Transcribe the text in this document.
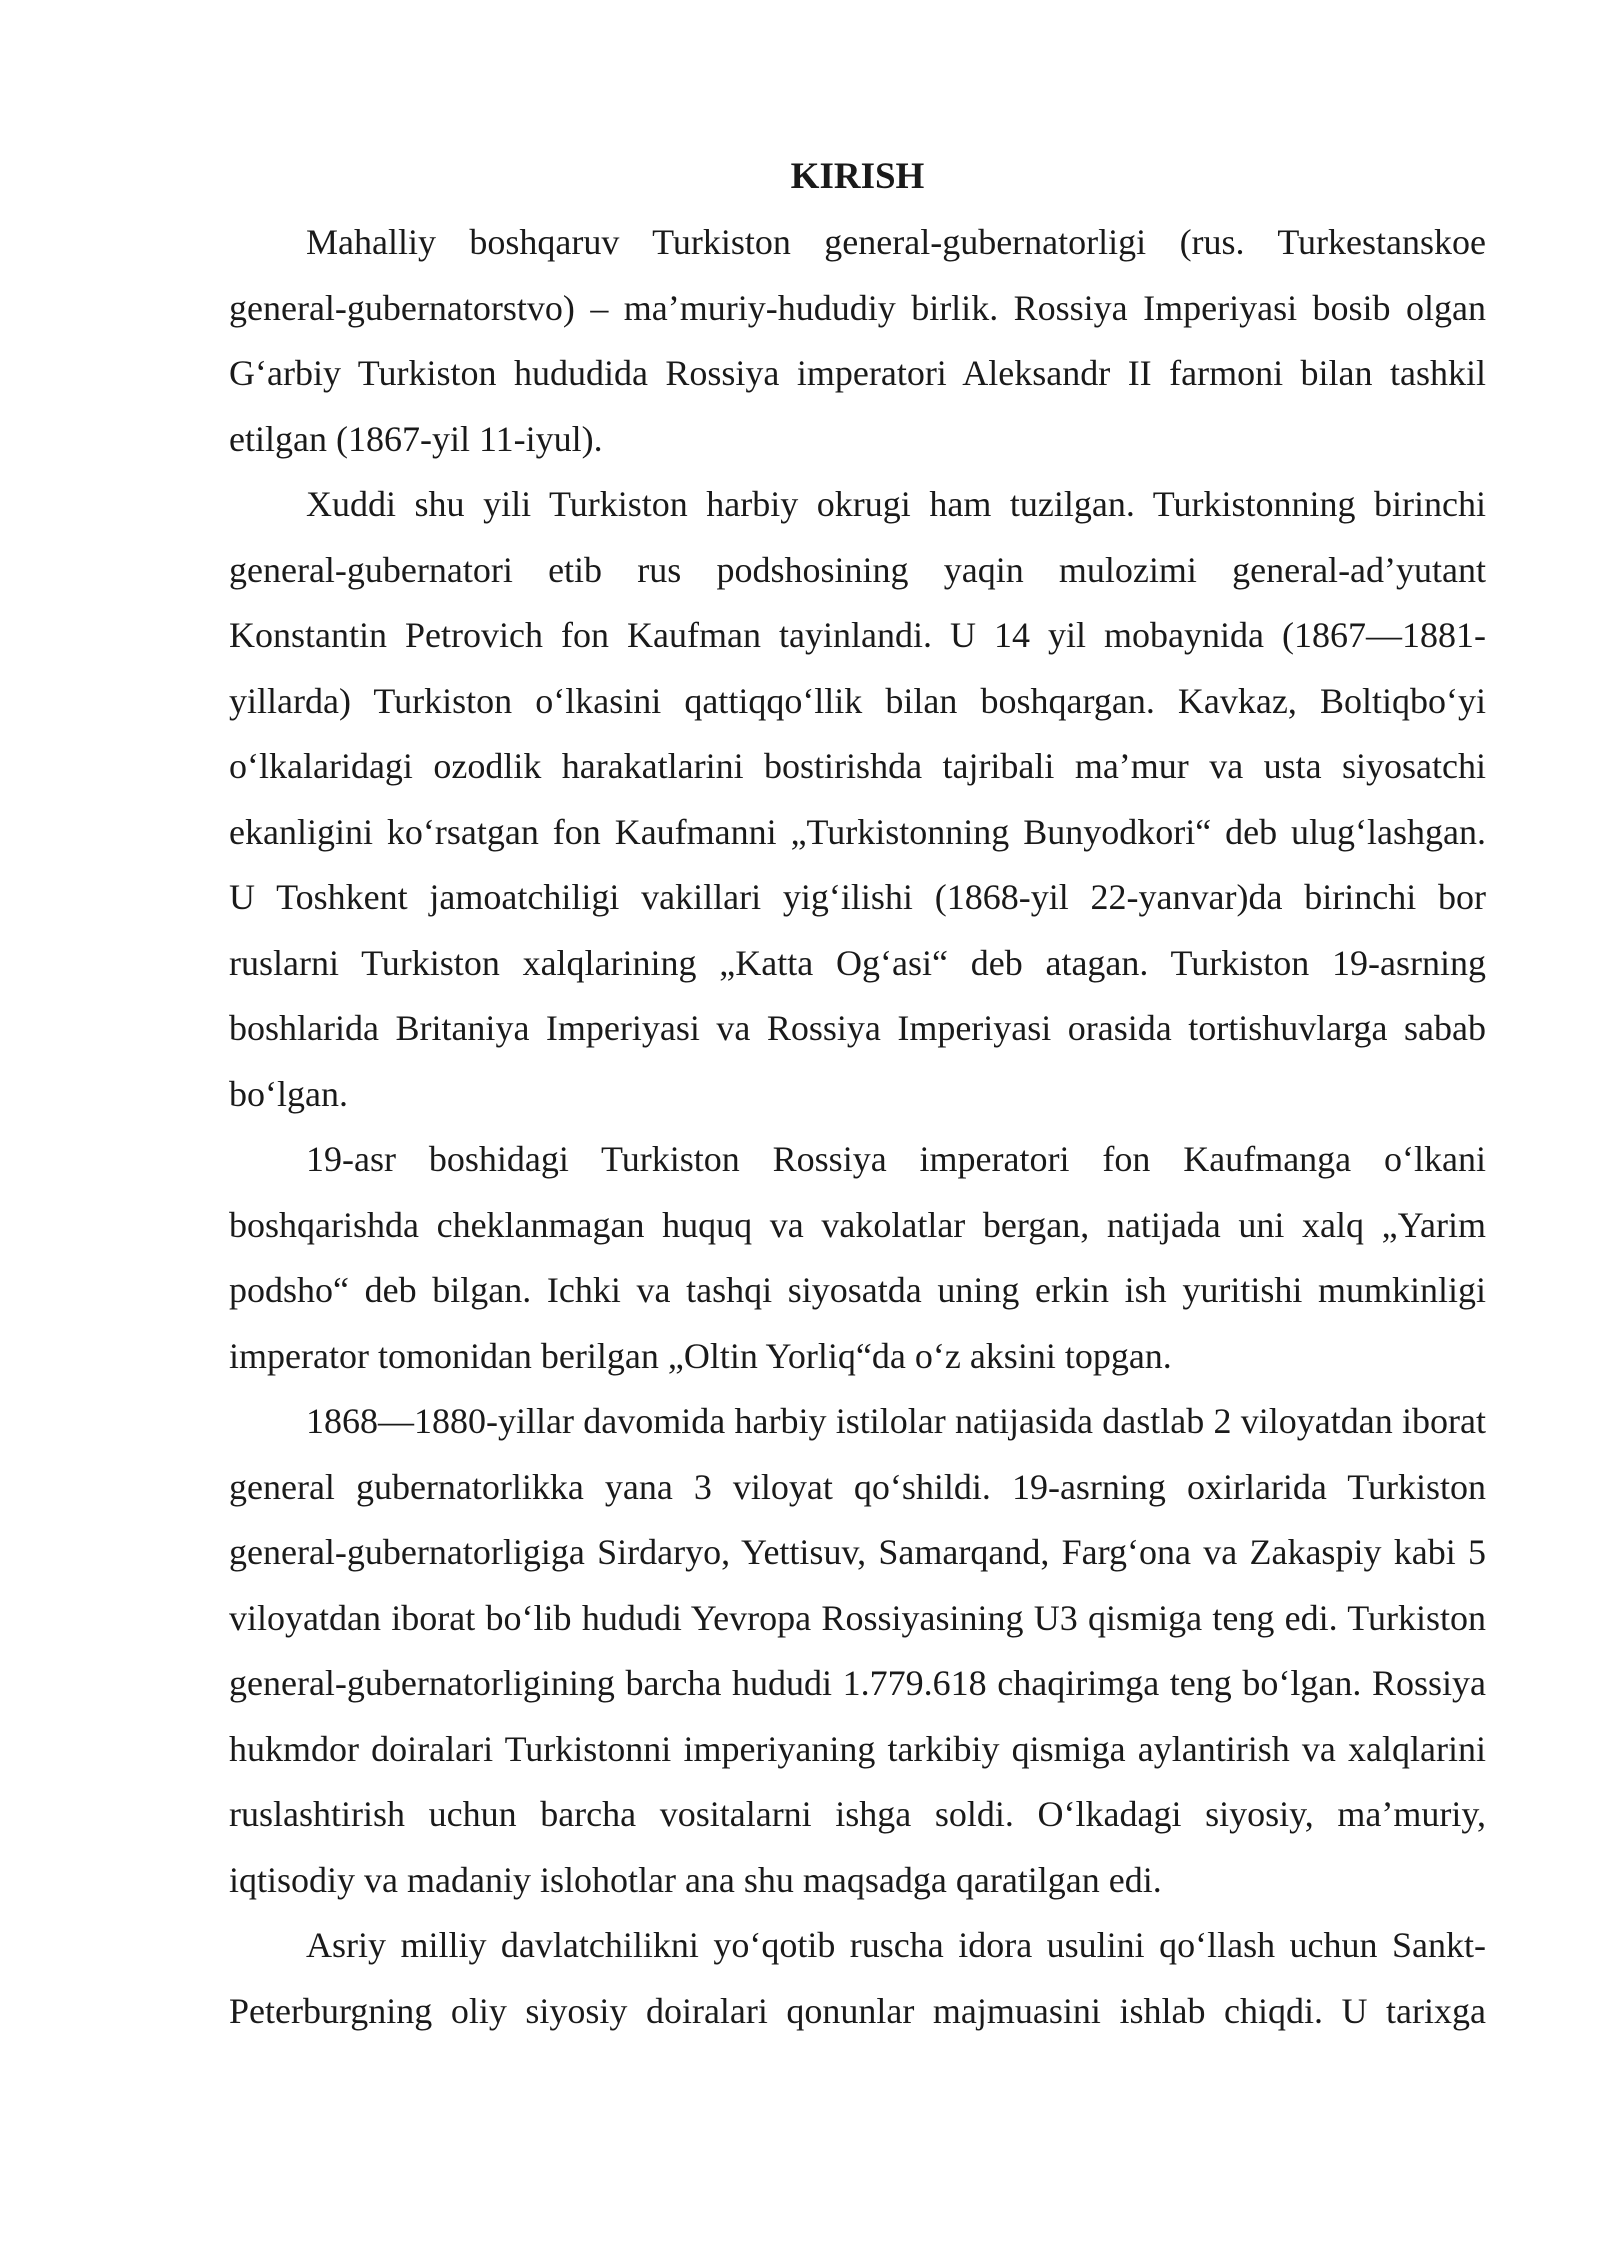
KIRISH

Mahalliy boshqaruv Turkiston general-gubernatorligi (rus. Turkestanskoe general-gubernatorstvo) – ma’muriy-hududiy birlik. Rossiya Imperiyasi bosib olgan G‘arbiy Turkiston hududida Rossiya imperatori Aleksandr II farmoni bilan tashkil etilgan (1867-yil 11-iyul).

Xuddi shu yili Turkiston harbiy okrugi ham tuzilgan. Turkistonning birinchi general-gubernatori etib rus podshosining yaqin mulozimi general-ad’yutant Konstantin Petrovich fon Kaufman tayinlandi. U 14 yil mobaynida (1867—1881-yillarda) Turkiston o‘lkasini qattiqqo‘llik bilan boshqargan. Kavkaz, Boltiqbo‘yi o‘lkalaridagi ozodlik harakatlarini bostirishda tajribali ma’mur va usta siyosatchi ekanligini ko‘rsatgan fon Kaufmanni „Turkistonning Bunyodkori“ deb ulug‘lashgan. U Toshkent jamoatchiligi vakillari yig‘ilishi (1868-yil 22-yanvar)da birinchi bor ruslarni Turkiston xalqlarining „Katta Og‘asi“ deb atagan. Turkiston 19-asrning boshlarida Britaniya Imperiyasi va Rossiya Imperiyasi orasida tortishuvlarga sabab bo‘lgan.

19-asr boshidagi Turkiston Rossiya imperatori fon Kaufmanga o‘lkani boshqarishda cheklanmagan huquq va vakolatlar bergan, natijada uni xalq „Yarim podsho“ deb bilgan. Ichki va tashqi siyosatda uning erkin ish yuritishi mumkinligi imperator tomonidan berilgan „Oltin Yorliq“da o‘z aksini topgan.

1868—1880-yillar davomida harbiy istilolar natijasida dastlab 2 viloyatdan iborat general gubernatorlikka yana 3 viloyat qo‘shildi. 19-asrning oxirlarida Turkiston general-gubernatorligiga Sirdaryo, Yettisuv, Samarqand, Farg‘ona va Zakaspiy kabi 5 viloyatdan iborat bo‘lib hududi Yevropa Rossiyasining U3 qismiga teng edi. Turkiston general-gubernatorligining barcha hududi 1.779.618 chaqirimga teng bo‘lgan. Rossiya hukmdor doiralari Turkistonni imperiyaning tarkibiy qismiga aylantirish va xalqlarini ruslashtirish uchun barcha vositalarni ishga soldi. O‘lkadagi siyosiy, ma’muriy, iqtisodiy va madaniy islohotlar ana shu maqsadga qaratilgan edi.

Asriy milliy davlatchilikni yo‘qotib ruscha idora usulini qo‘llash uchun Sankt-Peterburgning oliy siyosiy doiralari qonunlar majmuasini ishlab chiqdi. U tarixga
